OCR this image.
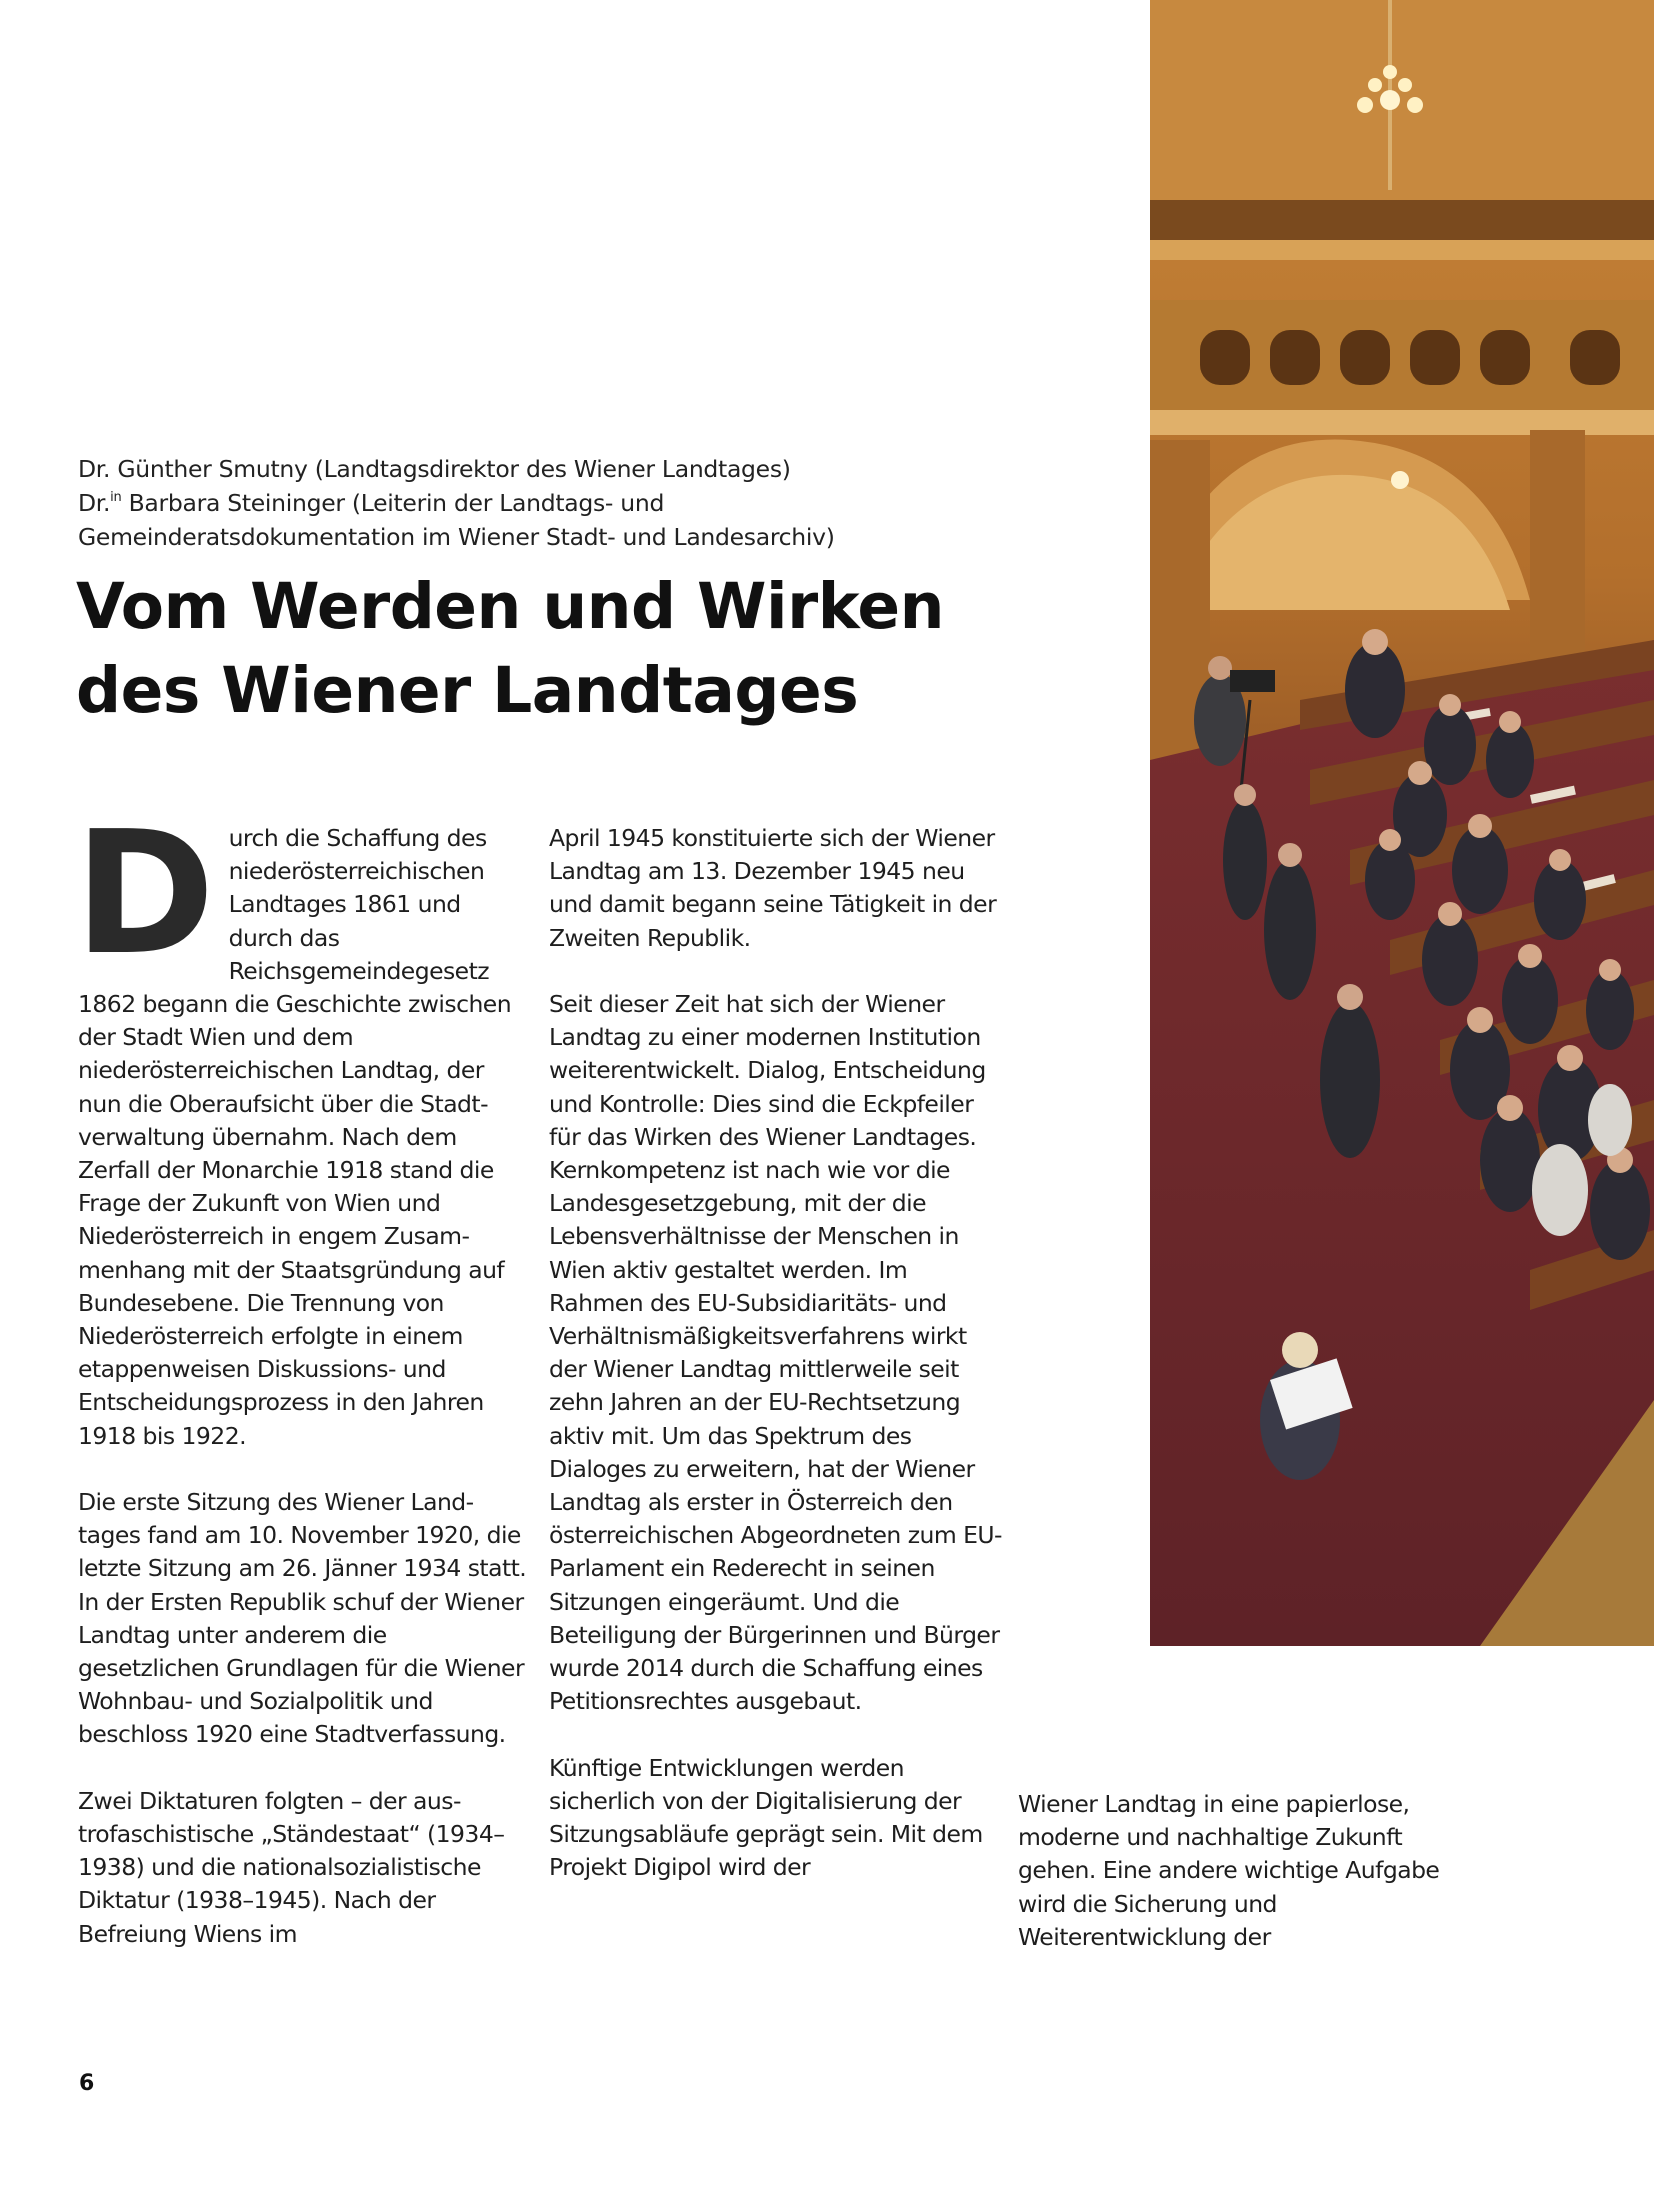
Dr. Günther Smutny (Landtagsdirektor des Wiener Landtages)
Dr.$^{in}$ Barbara Steininger (Leiterin der Landtags- und
Gemeinderatsdokumentation im Wiener Stadt- und Landesarchiv)
Vom Werden und Wirken
des Wiener Landtages

Durch die Schaffung des niederösterreichischen Landtages 1861 und durch das Reichsgemeindegesetz 1862 begann die Geschichte zwischen der Stadt Wien und dem niederösterreichischen Landtag, der nun die Oberaufsicht über die Stadtverwaltung übernahm. Nach dem Zerfall der Monarchie 1918 stand die Frage der Zukunft von Wien und Niederösterreich in engem Zusammenhang mit der Staatsgründung auf Bundesebene. Die Trennung von Niederösterreich erfolgte in einem etappenweisen Diskussions- und Entscheidungsprozess in den Jahren 1918 bis 1922.

Die erste Sitzung des Wiener Landtages fand am 10. November 1920, die letzte Sitzung am 26. Jänner 1934 statt. In der Ersten Republik schuf der Wiener Landtag unter anderem die gesetzlichen Grundlagen für die Wiener Wohnbau- und Sozialpolitik und beschloss 1920 eine Stadtverfassung.

Zwei Diktaturen folgten – der austrofaschistische „Ständestaat“ (1934–1938) und die nationalsozialistische Diktatur (1938–1945). Nach der Befreiung Wiens im

April 1945 konstituierte sich der Wiener Landtag am 13. Dezember 1945 neu und damit begann seine Tätigkeit in der Zweiten Republik.

Seit dieser Zeit hat sich der Wiener Landtag zu einer modernen Institution weiterentwickelt. Dialog, Entscheidung und Kontrolle: Dies sind die Eckpfeiler für das Wirken des Wiener Landtages. Kernkompetenz ist nach wie vor die Landesgesetzgebung, mit der die Lebensverhältnisse der Menschen in Wien aktiv gestaltet werden. Im Rahmen des EU-Subsidiaritäts- und Verhältnismäßigkeitsverfahrens wirkt der Wiener Landtag mittlerweile seit zehn Jahren an der EU-Rechtsetzung aktiv mit. Um das Spektrum des Dialoges zu erweitern, hat der Wiener Landtag als erster in Österreich den österreichischen Abgeordneten zum EU-Parlament ein Rederecht in seinen Sitzungen eingeräumt. Und die Beteiligung der Bürgerinnen und Bürger wurde 2014 durch die Schaffung eines Petitionsrechtes ausgebaut.

Künftige Entwicklungen werden sicherlich von der Digitalisierung der Sitzungsabläufe geprägt sein. Mit dem Projekt Digipol wird der

Wiener Landtag in eine papierlose, moderne und nachhaltige Zukunft gehen. Eine andere wichtige Aufgabe wird die Sicherung und Weiterentwicklung der

6
